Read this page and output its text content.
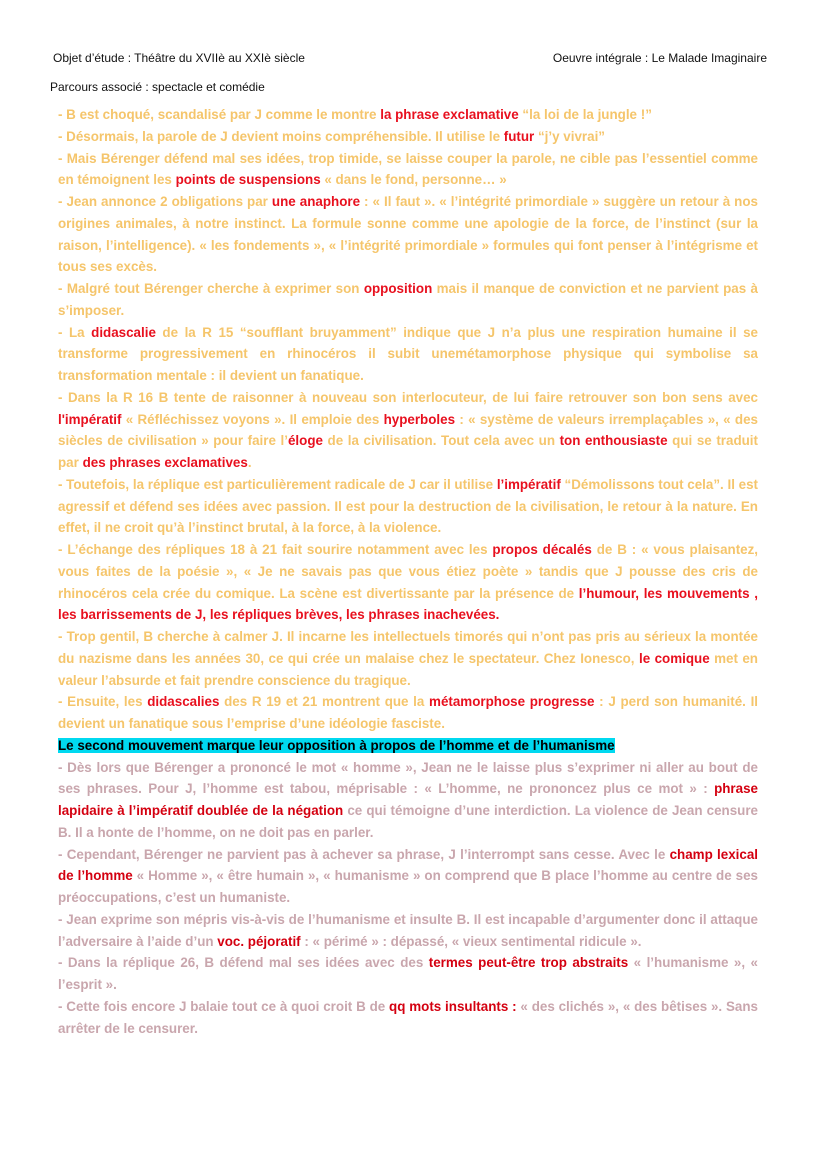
Objet d’étude : Théâtre du XVIIè au XXIè siècle	Oeuvre intégrale : Le Malade Imaginaire
Parcours associé : spectacle et comédie

- B est choqué, scandalisé par J comme le montre la phrase exclamative “la loi de la jungle !”

- Désormais, la parole de J devient moins compréhensible. Il utilise le futur “j’y vivrai”

- Mais Bérenger défend mal ses idées, trop timide, se laisse couper la parole, ne cible pas l’essentiel comme en témoignent les points de suspensions « dans le fond, personne… »

- Jean annonce 2 obligations par une anaphore : « Il faut ». « l’intégrité primordiale » suggère un retour à nos origines animales, à notre instinct. La formule sonne comme une apologie de la force, de l’instinct (sur la raison, l’intelligence). « les fondements », « l’intégrité primordiale » formules qui font penser à l’intégrisme et tous ses excès.

- Malgré tout Bérenger cherche à exprimer son opposition mais il manque de conviction et ne parvient pas à s’imposer.

- La didascalie de la R 15 “soufflant bruyamment” indique que J n’a plus une respiration humaine il se transforme progressivement en rhinocéros il subit unemétamorphose physique qui symbolise sa transformation mentale : il devient un fanatique.

- Dans la R 16 B tente de raisonner à nouveau son interlocuteur, de lui faire retrouver son bon sens avec l'impératif « Réfléchissez voyons ». Il emploie des hyperboles : « système de valeurs irremplaçables », « des siècles de civilisation » pour faire l’éloge de la civilisation. Tout cela avec un ton enthousiaste qui se traduit par des phrases exclamatives.

- Toutefois, la réplique est particulièrement radicale de J car il utilise l’impératif “Démolissons tout cela”. Il est agressif et défend ses idées avec passion. Il est pour la destruction de la civilisation, le retour à la nature. En effet, il ne croit qu’à l’instinct brutal, à la force, à la violence.

- L’échange des répliques 18 à 21 fait sourire notamment avec les propos décalés de B : « vous plaisantez, vous faites de la poésie », « Je ne savais pas que vous étiez poète » tandis que J pousse des cris de rhinocéros cela crée du comique. La scène est divertissante par la présence de l’humour, les mouvements , les barrissements de J, les répliques brèves, les phrases inachevées.

- Trop gentil, B cherche à calmer J. Il incarne les intellectuels timorés qui n’ont pas pris au sérieux la montée du nazisme dans les années 30, ce qui crée un malaise chez le spectateur. Chez Ionesco, le comique met en valeur l’absurde et fait prendre conscience du tragique.

- Ensuite, les didascalies des R 19 et 21 montrent que la métamorphose progresse : J perd son humanité. Il devient un fanatique sous l’emprise d’une idéologie fasciste.

Le second mouvement marque leur opposition à propos de l’homme et de l’humanisme

- Dès lors que Bérenger a prononcé le mot « homme », Jean ne le laisse plus s’exprimer ni aller au bout de ses phrases. Pour J, l’homme est tabou, méprisable : « L’homme, ne prononcez plus ce mot » : phrase lapidaire à l’impératif doublée de la négation ce qui témoigne d’une interdiction. La violence de Jean censure B. Il a honte de l’homme, on ne doit pas en parler.

- Cependant, Bérenger ne parvient pas à achever sa phrase, J l’interrompt sans cesse. Avec le champ lexical de l’homme « Homme », « être humain », « humanisme » on comprend que B place l’homme au centre de ses préoccupations, c’est un humaniste.

- Jean exprime son mépris vis-à-vis de l’humanisme et insulte B. Il est incapable d’argumenter donc il attaque l’adversaire à l’aide d’un voc. péjoratif : « périmé » : dépassé, « vieux sentimental ridicule ».

- Dans la réplique 26, B défend mal ses idées avec des termes peut-être trop abstraits « l’humanisme », « l’esprit ».

- Cette fois encore J balaie tout ce à quoi croit B de qq mots insultants : « des clichés », « des bêtises ». Sans arrêter de le censurer.
